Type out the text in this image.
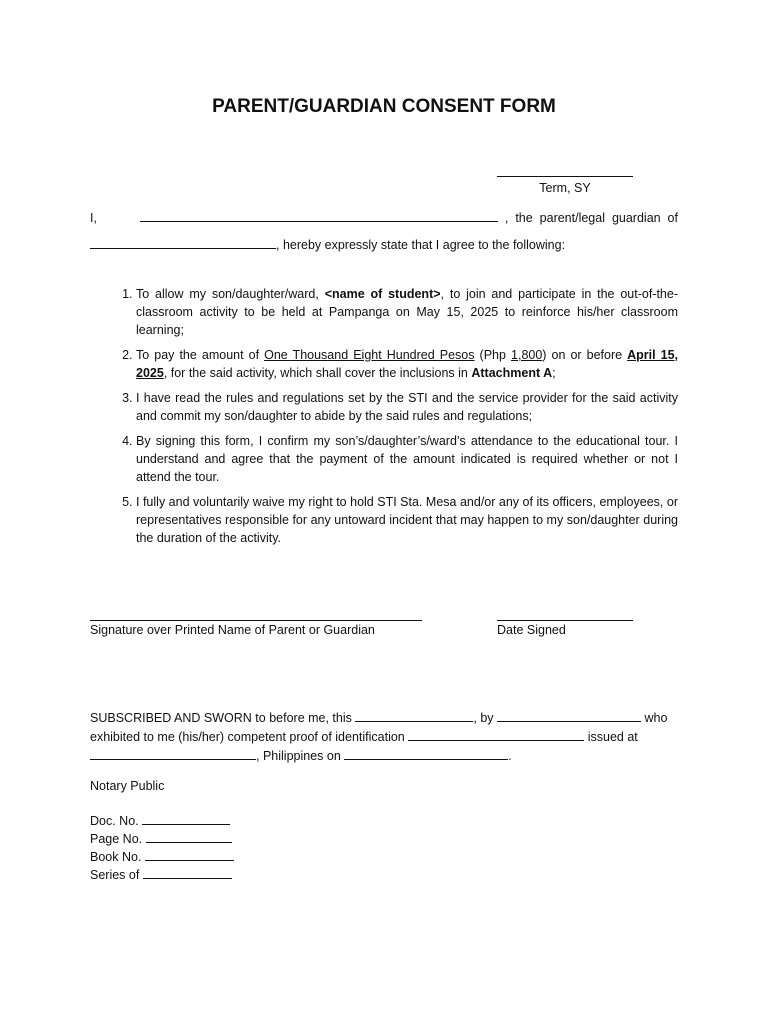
PARENT/GUARDIAN CONSENT FORM
Term, SY

I,	, the parent/legal guardian of

, hereby expressly state that I agree to the following:

1. To allow my son/daughter/ward, <name of student>, to join and participate in the out-of-the-classroom activity to be held at Pampanga on May 15, 2025 to reinforce his/her classroom learning;
2. To pay the amount of One Thousand Eight Hundred Pesos (Php 1,800) on or before April 15, 2025, for the said activity, which shall cover the inclusions in Attachment A;
3. I have read the rules and regulations set by the STI and the service provider for the said activity and commit my son/daughter to abide by the said rules and regulations;
4. By signing this form, I confirm my son’s/daughter’s/ward’s attendance to the educational tour. I understand and agree that the payment of the amount indicated is required whether or not I attend the tour.
5. I fully and voluntarily waive my right to hold STI Sta. Mesa and/or any of its officers, employees, or representatives responsible for any untoward incident that may happen to my son/daughter during the duration of the activity.
Signature over Printed Name of Parent or Guardian	Date Signed
SUBSCRIBED AND SWORN to before me, this	, by	who exhibited to me (his/her) competent proof of identification	issued at
, Philippines on	.
Notary Public
Doc. No.
Page No.
Book No.
Series of
